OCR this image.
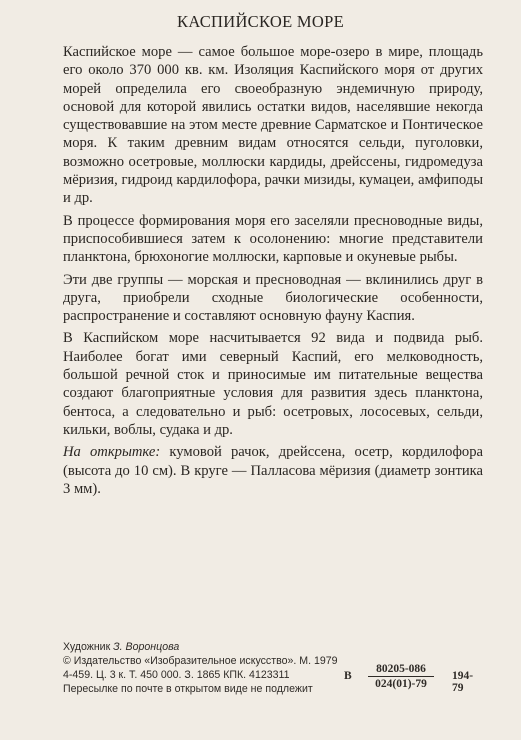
КАСПИЙСКОЕ МОРЕ

Каспийское море — самое большое море-озеро в мире, площадь его около 370 000 кв. км. Изоляция Каспийского моря от других морей определила его своеобразную эндемичную природу, основой для которой явились остатки видов, населявшие некогда существовавшие на этом месте древние Сарматское и Понтическое моря. К таким древним видам относятся сельди, пуголовки, возможно осетровые, моллюски кардиды, дрейссены, гидромедуза мёризия, гидроид кардилофора, рачки мизиды, кумацеи, амфиподы и др.

В процессе формирования моря его заселяли пресноводные виды, приспособившиеся затем к осолонению: многие представители планктона, брюхоногие моллюски, карповые и окуневые рыбы.

Эти две группы — морская и пресноводная — вклинились друг в друга, приобрели сходные биологические особенности, распространение и составляют основную фауну Каспия.

В Каспийском море насчитывается 92 вида и подвида рыб. Наиболее богат ими северный Каспий, его мелководность, большой речной сток и приносимые им питательные вещества создают благоприятные условия для развития здесь планктона, бентоса, а следовательно и рыб: осетровых, лососевых, сельди, кильки, воблы, судака и др.

На открытке: кумовой рачок, дрейссена, осетр, кордилофора (высота до 10 см). В круге — Палласова мёризия (диаметр зонтика 3 мм).

Художник З. Воронцова
© Издательство «Изобразительное искусство». М. 1979
4-459. Ц. 3 к. Т. 450 000. З. 1865 КПК. 4123311
Пересылке по почте в открытом виде не подлежит
В $\frac{80205-086}{024(01)-79} 194-79$
